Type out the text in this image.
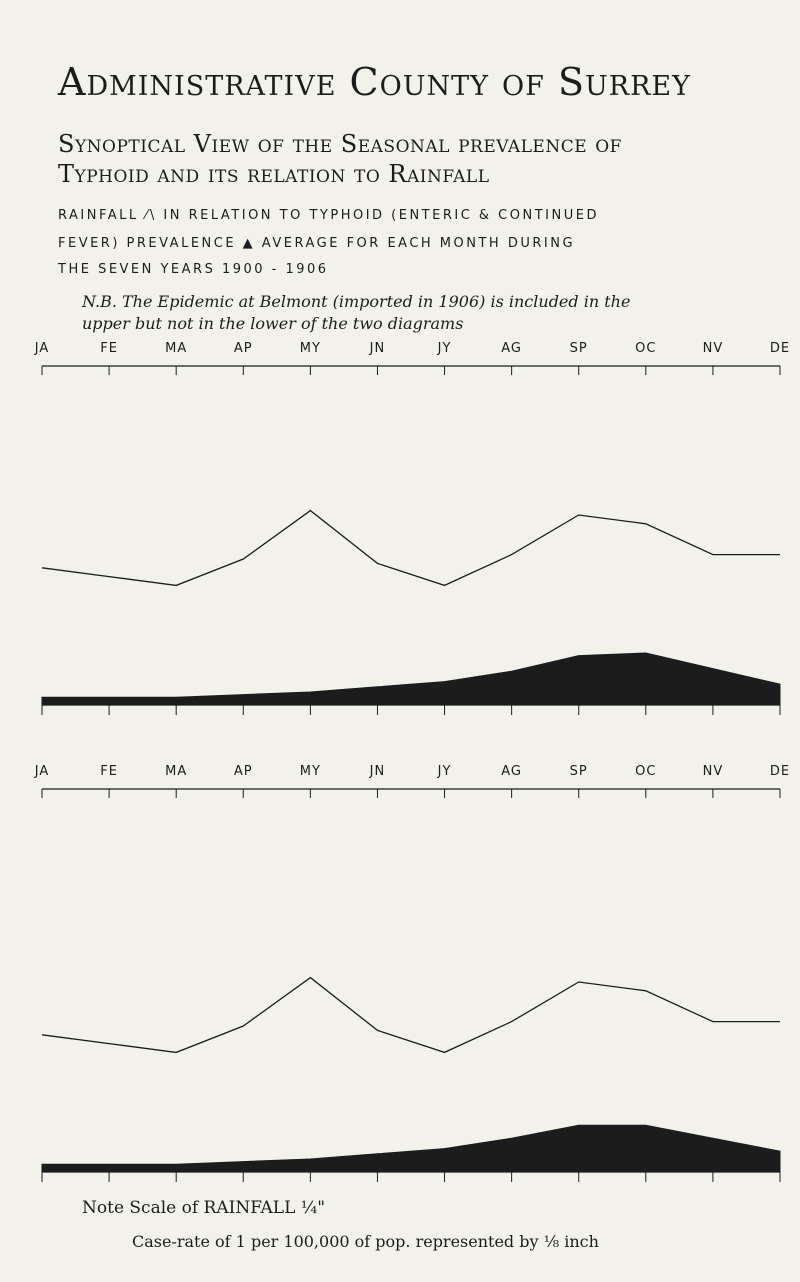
Administrative County of Surrey
Synoptical View of the Seasonal prevalence of
Typhoid and its relation to Rainfall
RAINFALL ⁄\ IN RELATION TO TYPHOID (ENTERIC & CONTINUED
FEVER) PREVALENCE ▲ AVERAGE FOR EACH MONTH DURING
THE SEVEN YEARS 1900 - 1906
N.B. The Epidemic at Belmont (imported in 1906) is included in the
upper but not in the lower of the two diagrams
JA	FE	MA	AP	MY	JN	JY	AG	SP	OC	NV	DE
JA	FE	MA	AP	MY	JN	JY	AG	SP	OC	NV	DE
Note Scale of RAINFALL ¼"
Case-rate of 1 per 100,000 of pop. represented by ⅛ inch
